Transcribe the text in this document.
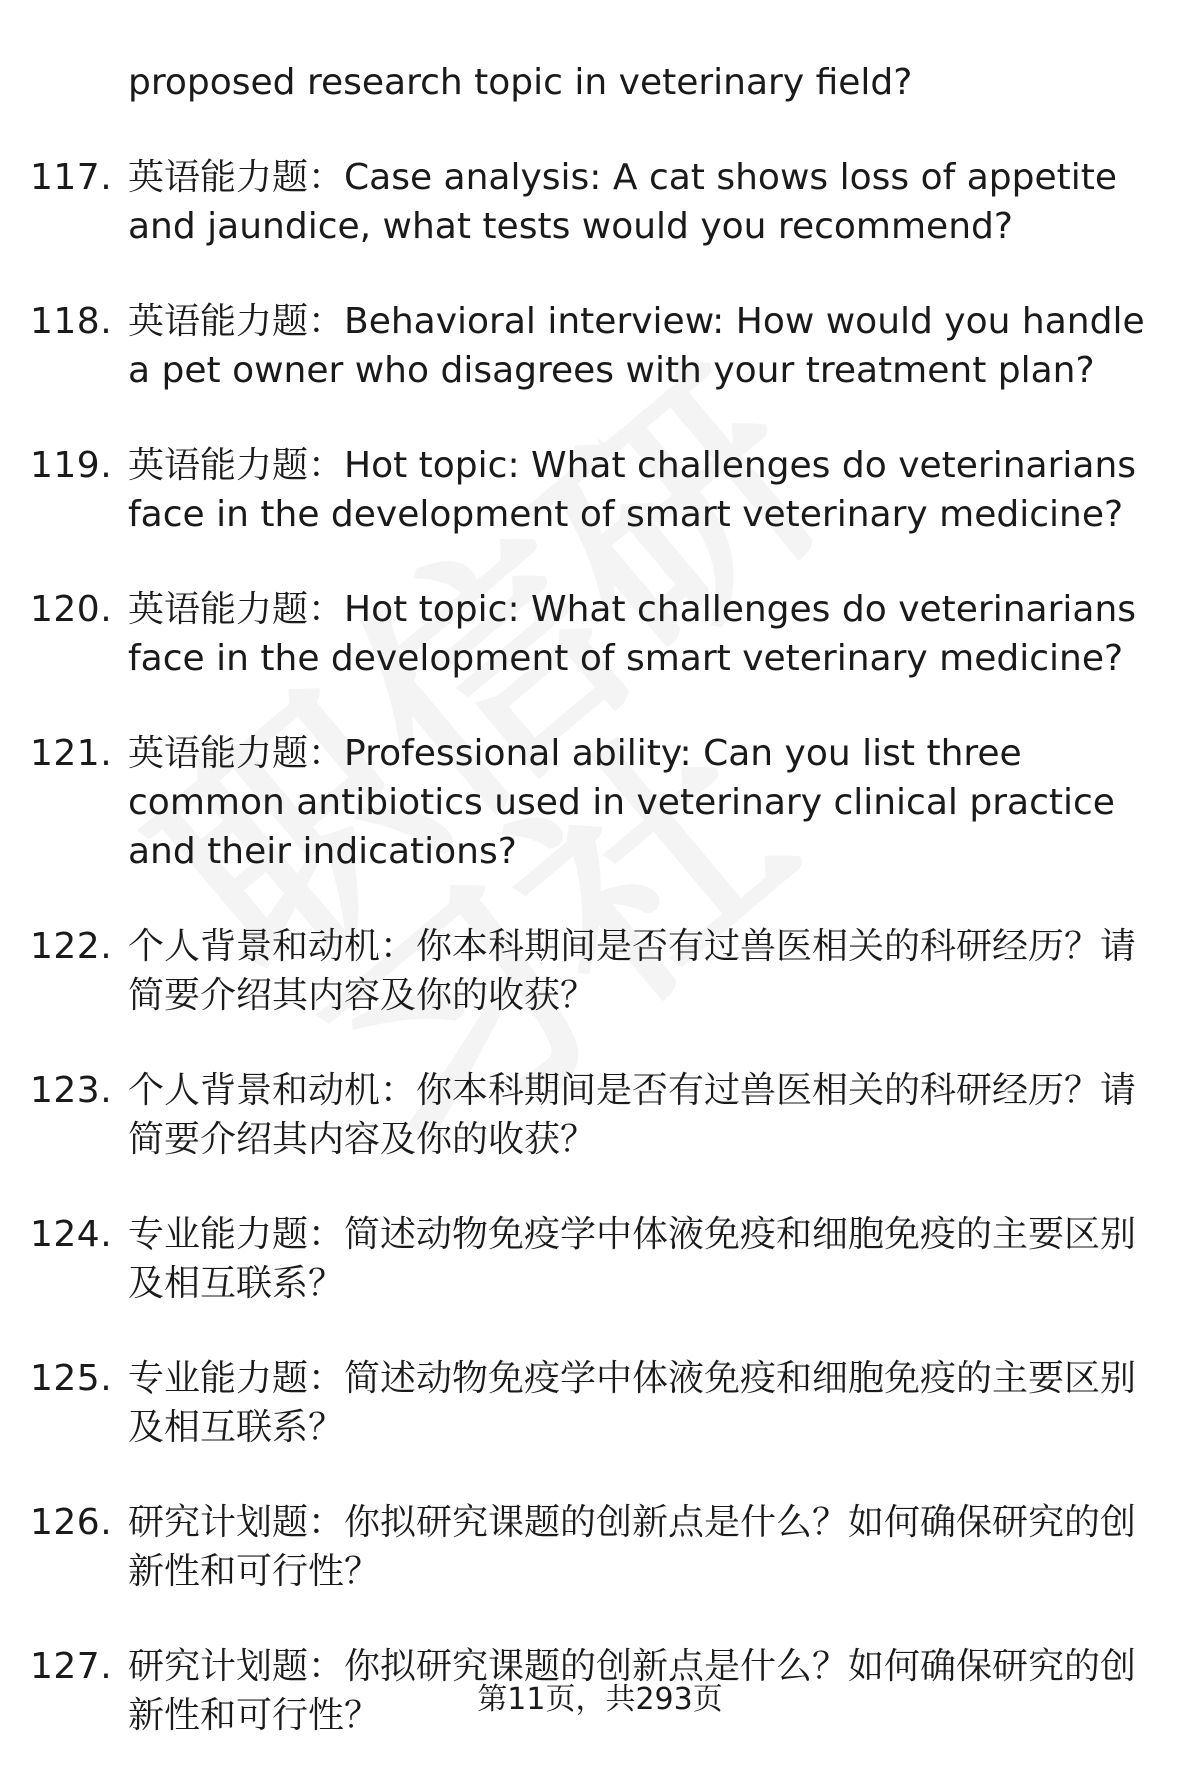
proposed research topic in veterinary field?
117. 英语能力题：Case analysis: A cat shows loss of appetite and jaundice, what tests would you recommend?
118. 英语能力题：Behavioral interview: How would you handle a pet owner who disagrees with your treatment plan?
119. 英语能力题：Hot topic: What challenges do veterinarians face in the development of smart veterinary medicine?
120. 英语能力题：Hot topic: What challenges do veterinarians face in the development of smart veterinary medicine?
121. 英语能力题：Professional ability: Can you list three common antibiotics used in veterinary clinical practice and their indications?
122. 个人背景和动机：你本科期间是否有过兽医相关的科研经历？请简要介绍其内容及你的收获？
123. 个人背景和动机：你本科期间是否有过兽医相关的科研经历？请简要介绍其内容及你的收获？
124. 专业能力题：简述动物免疫学中体液免疫和细胞免疫的主要区别及相互联系？
125. 专业能力题：简述动物免疫学中体液免疫和细胞免疫的主要区别及相互联系？
126. 研究计划题：你拟研究课题的创新点是什么？如何确保研究的创新性和可行性？
127. 研究计划题：你拟研究课题的创新点是什么？如何确保研究的创新性和可行性？	第11页，共293页
